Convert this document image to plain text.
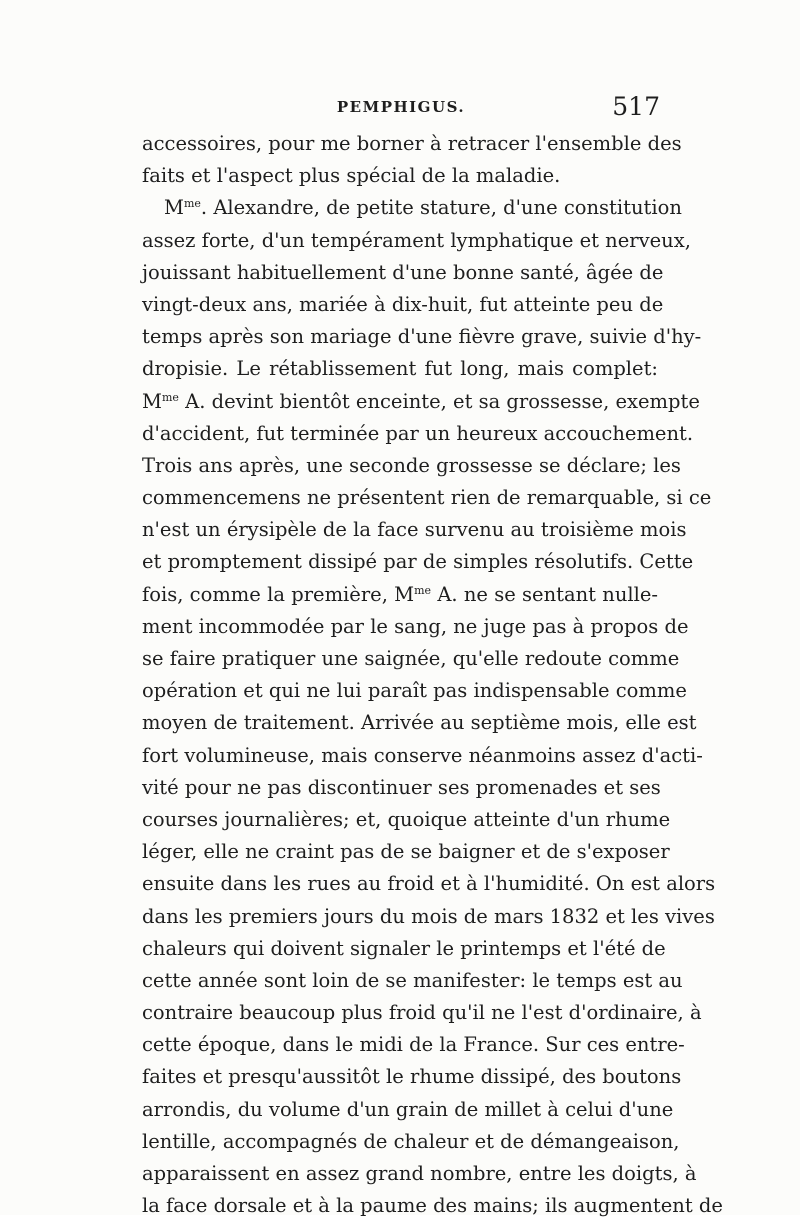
PEMPHIGUS.	517
accessoires, pour me borner à retracer l'ensemble des
faits et l'aspect plus spécial de la maladie.
$M^{me}$. Alexandre, de petite stature, d'une constitution
assez forte, d'un tempérament lymphatique et nerveux,
jouissant habituellement d'une bonne santé, âgée de
vingt-deux ans, mariée à dix-huit, fut atteinte peu de
temps après son mariage d'une fièvre grave, suivie d'hy-
dropisie. Le rétablissement fut long, mais complet:
$M^{me}$ A. devint bientôt enceinte, et sa grossesse, exempte
d'accident, fut terminée par un heureux accouchement.
Trois ans après, une seconde grossesse se déclare; les
commencemens ne présentent rien de remarquable, si ce
n'est un érysipèle de la face survenu au troisième mois
et promptement dissipé par de simples résolutifs. Cette
fois, comme la première, $M^{me}$ A. ne se sentant nulle-
ment incommodée par le sang, ne juge pas à propos de
se faire pratiquer une saignée, qu'elle redoute comme
opération et qui ne lui paraît pas indispensable comme
moyen de traitement. Arrivée au septième mois, elle est
fort volumineuse, mais conserve néanmoins assez d'acti-
vité pour ne pas discontinuer ses promenades et ses
courses journalières; et, quoique atteinte d'un rhume
léger, elle ne craint pas de se baigner et de s'exposer
ensuite dans les rues au froid et à l'humidité. On est alors
dans les premiers jours du mois de mars 1832 et les vives
chaleurs qui doivent signaler le printemps et l'été de
cette année sont loin de se manifester: le temps est au
contraire beaucoup plus froid qu'il ne l'est d'ordinaire, à
cette époque, dans le midi de la France. Sur ces entre-
faites et presqu'aussitôt le rhume dissipé, des boutons
arrondis, du volume d'un grain de millet à celui d'une
lentille, accompagnés de chaleur et de démangeaison,
apparaissent en assez grand nombre, entre les doigts, à
la face dorsale et à la paume des mains; ils augmentent de
